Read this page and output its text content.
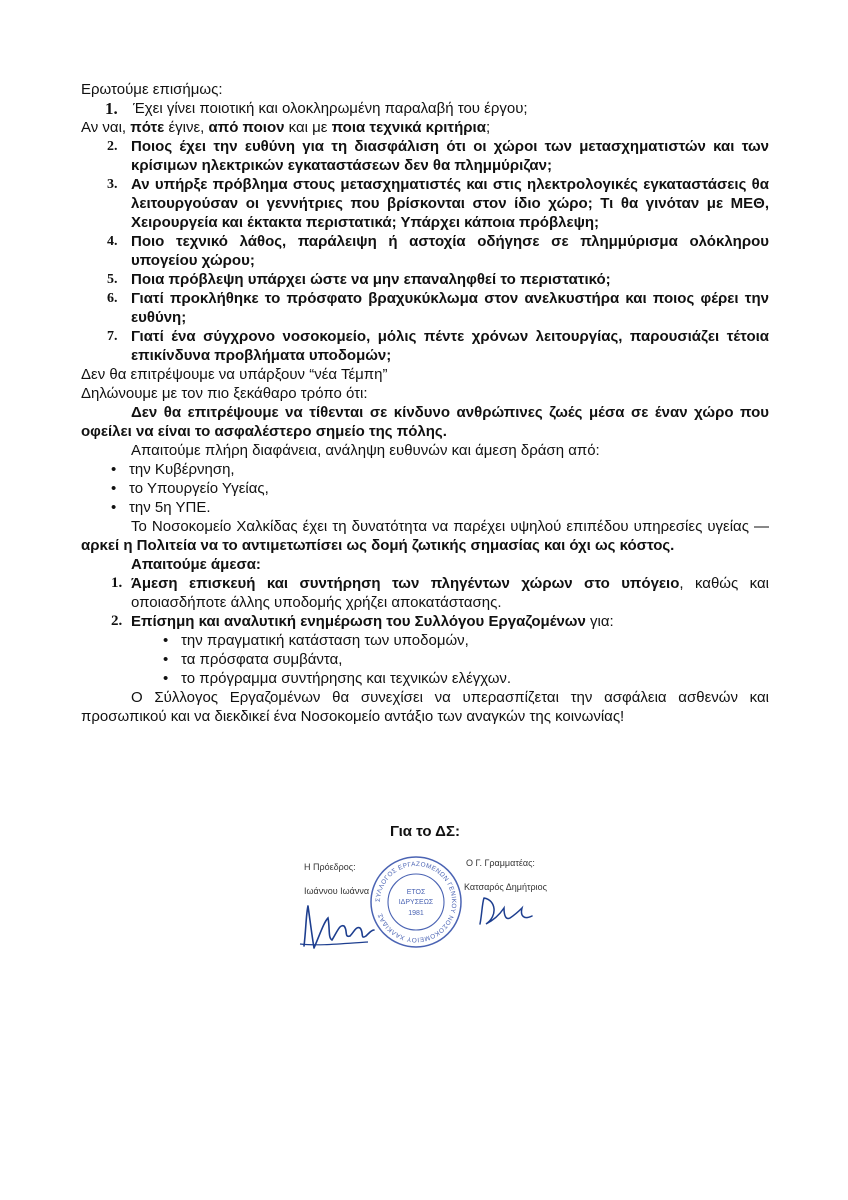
Ερωτούμε επισήμως:

1. Έχει γίνει ποιοτική και ολοκληρωμένη παραλαβή του έργου;

Αν ναι, πότε έγινε, από ποιον και με ποια τεχνικά κριτήρια;

2. Ποιος έχει την ευθύνη για τη διασφάλιση ότι οι χώροι των μετασχηματιστών και των κρίσιμων ηλεκτρικών εγκαταστάσεων δεν θα πλημμύριζαν;
3. Αν υπήρξε πρόβλημα στους μετασχηματιστές και στις ηλεκτρολογικές εγκαταστάσεις θα λειτουργούσαν οι γεννήτριες που βρίσκονται στον ίδιο χώρο; Τι θα γινόταν με ΜΕΘ, Χειρουργεία και έκτακτα περιστατικά; Υπάρχει κάποια πρόβλεψη;
4. Ποιο τεχνικό λάθος, παράλειψη ή αστοχία οδήγησε σε πλημμύρισμα ολόκληρου υπογείου χώρου;
5. Ποια πρόβλεψη υπάρχει ώστε να μην επαναληφθεί το περιστατικό;
6. Γιατί προκλήθηκε το πρόσφατο βραχυκύκλωμα στον ανελκυστήρα και ποιος φέρει την ευθύνη;
7. Γιατί ένα σύγχρονο νοσοκομείο, μόλις πέντε χρόνων λειτουργίας, παρουσιάζει τέτοια επικίνδυνα προβλήματα υποδομών;

Δεν θα επιτρέψουμε να υπάρξουν “νέα Τέμπη”

Δηλώνουμε με τον πιο ξεκάθαρο τρόπο ότι:

Δεν θα επιτρέψουμε να τίθενται σε κίνδυνο ανθρώπινες ζωές μέσα σε έναν χώρο που οφείλει να είναι το ασφαλέστερο σημείο της πόλης.

Απαιτούμε πλήρη διαφάνεια, ανάληψη ευθυνών και άμεση δράση από:

• την Κυβέρνηση,
• το Υπουργείο Υγείας,
• την 5η ΥΠΕ.

Το Νοσοκομείο Χαλκίδας έχει τη δυνατότητα να παρέχει υψηλού επιπέδου υπηρεσίες υγείας — αρκεί η Πολιτεία να το αντιμετωπίσει ως δομή ζωτικής σημασίας και όχι ως κόστος.

Απαιτούμε άμεσα:

1. Άμεση επισκευή και συντήρηση των πληγέντων χώρων στο υπόγειο, καθώς και οποιασδήποτε άλλης υποδομής χρήζει αποκατάστασης.
2. Επίσημη και αναλυτική ενημέρωση του Συλλόγου Εργαζομένων για:
• την πραγματική κατάσταση των υποδομών,
• τα πρόσφατα συμβάντα,
• το πρόγραμμα συντήρησης και τεχνικών ελέγχων.

Ο Σύλλογος Εργαζομένων θα συνεχίσει να υπερασπίζεται την ασφάλεια ασθενών και προσωπικού και να διεκδικεί ένα Νοσοκομείο αντάξιο των αναγκών της κοινωνίας!

Για το ΔΣ:

Η Πρόεδρος:
Ιωάννου Ιωάννα
ΣΥΛΛΟΓΟΣ ΕΡΓΑΖΟΜΕΝΩΝ ΓΕΝΙΚΟΥ ΝΟΣΟΚΟΜΕΙΟΥ ΧΑΛΚΙΔΑΣ
ΕΤΟΣ
ΙΔΡΥΣΕΩΣ
1981
Ο Γ. Γραμματέας:
Κατσαρός Δημήτριος
